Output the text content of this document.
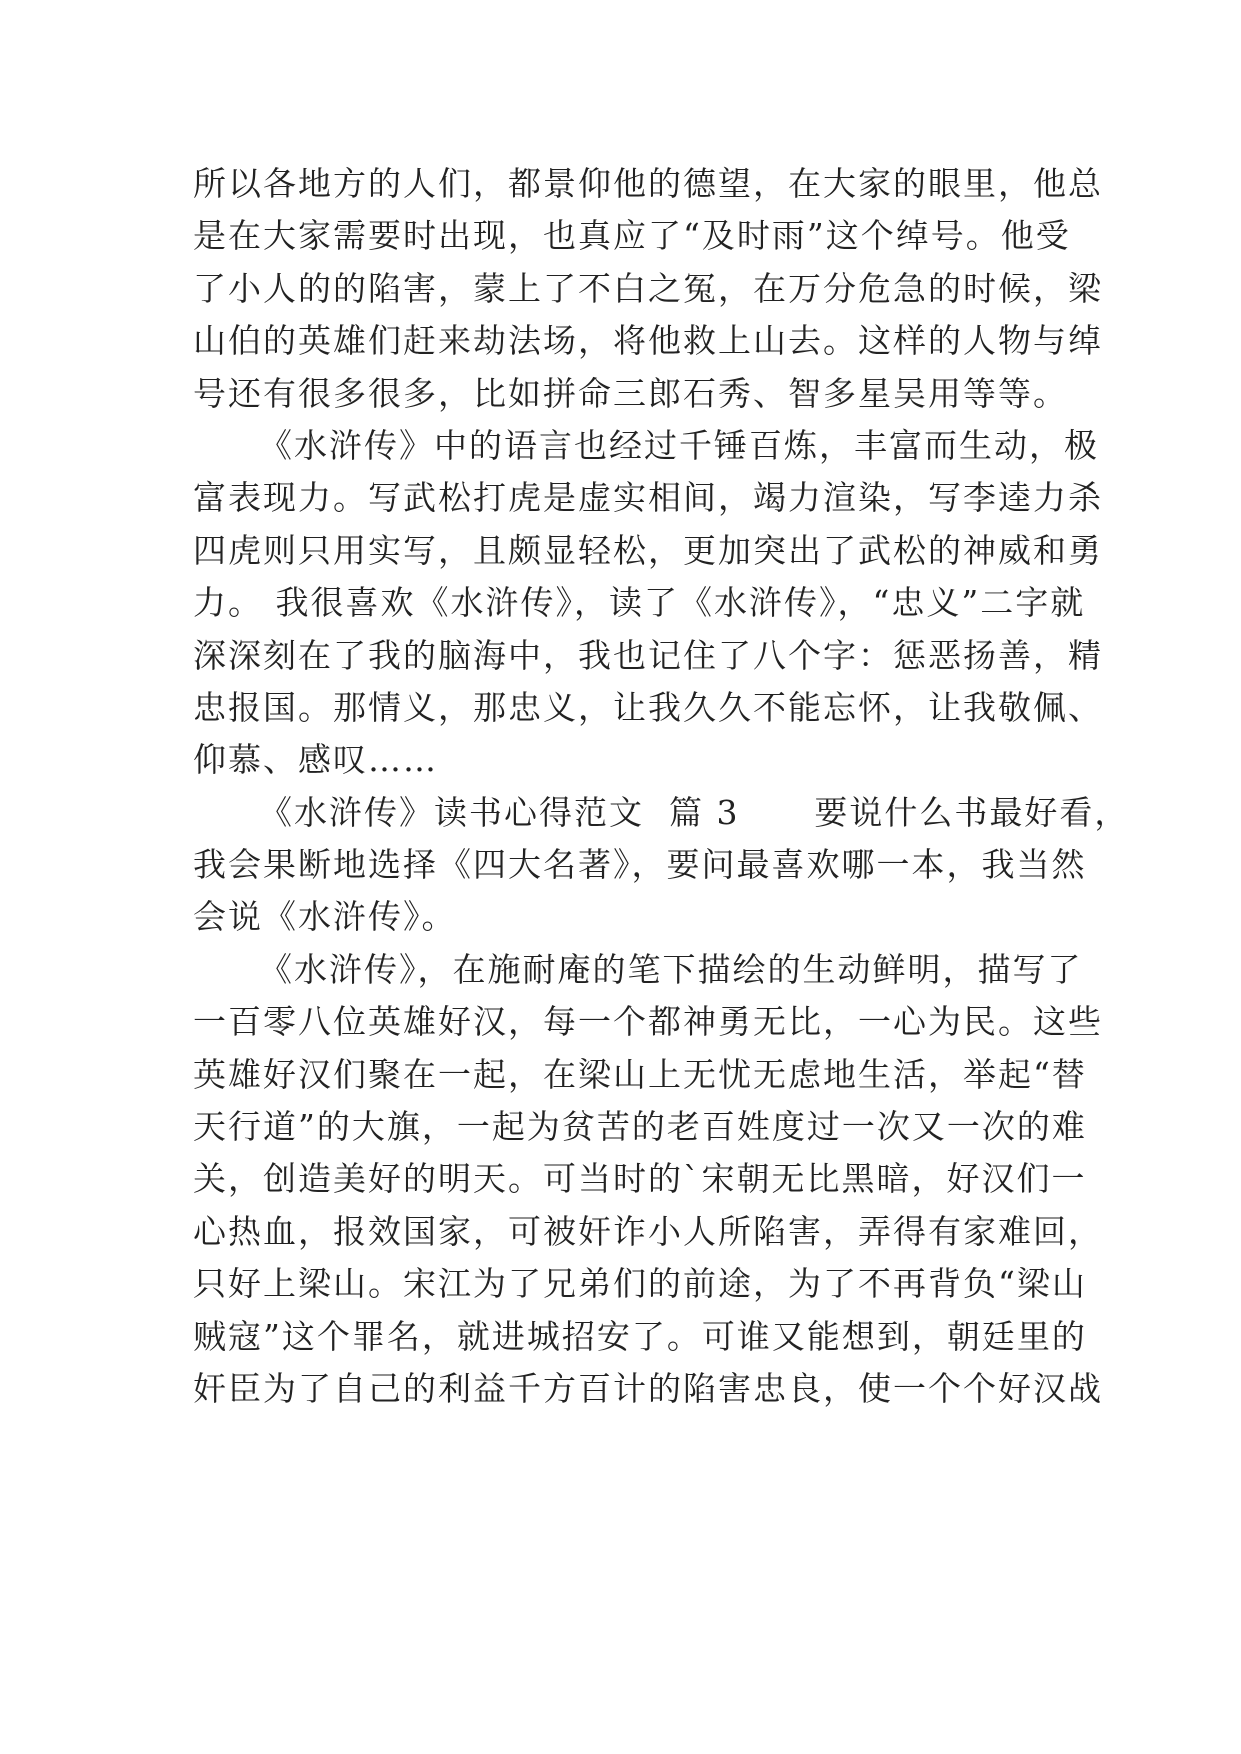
所以各地方的人们，都景仰他的德望，在大家的眼里，他总
是在大家需要时出现，也真应了“及时雨”这个绰号。他受
了小人的的陷害，蒙上了不白之冤，在万分危急的时候，梁
山伯的英雄们赶来劫法场，将他救上山去。这样的人物与绰
号还有很多很多，比如拼命三郎石秀、智多星吴用等等。
《水浒传》中的语言也经过千锤百炼，丰富而生动，极
富表现力。写武松打虎是虚实相间，竭力渲染，写李逵力杀
四虎则只用实写，且颇显轻松，更加突出了武松的神威和勇
力。 我很喜欢《水浒传》，读了《水浒传》，“忠义”二字就
深深刻在了我的脑海中，我也记住了八个字：惩恶扬善，精
忠报国。那情义，那忠义，让我久久不能忘怀，让我敬佩、
仰慕、感叹……
《水浒传》读书心得范文  篇 3      要说什么书最好看，
我会果断地选择《四大名著》，要问最喜欢哪一本，我当然
会说《水浒传》。
《水浒传》，在施耐庵的笔下描绘的生动鲜明，描写了
一百零八位英雄好汉，每一个都神勇无比，一心为民。这些
英雄好汉们聚在一起，在梁山上无忧无虑地生活，举起“替
天行道”的大旗，一起为贫苦的老百姓度过一次又一次的难
关，创造美好的明天。可当时的`宋朝无比黑暗，好汉们一
心热血，报效国家，可被奸诈小人所陷害，弄得有家难回，
只好上梁山。宋江为了兄弟们的前途，为了不再背负“梁山
贼寇”这个罪名，就进城招安了。可谁又能想到，朝廷里的
奸臣为了自己的利益千方百计的陷害忠良，使一个个好汉战
